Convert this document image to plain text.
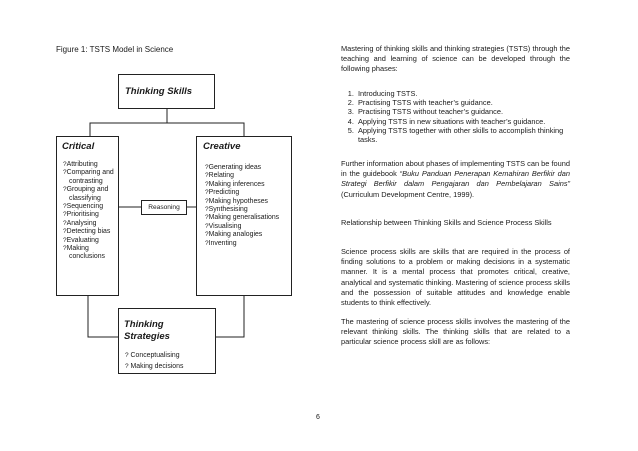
Figure 1: TSTS Model in Science
Thinking Skills
Critical
?Attributing
?Comparing and contrasting
?Grouping and classifying
?Sequencing
?Prioritising
?Analysing
?Detecting bias
?Evaluating
?Making conclusions
Reasoning
Creative
?Generating ideas
?Relating
?Making inferences
?Predicting
?Making hypotheses
?Synthesising
?Making generalisations
?Visualising
?Making analogies
?Inventing
Thinking
Strategies
? Conceptualising
? Making decisions

Mastering of thinking skills and thinking strategies (TSTS) through the teaching and learning of science can be developed through the following phases:

1. Introducing TSTS.
2. Practising TSTS with teacher’s guidance.
3. Practising TSTS without teacher’s guidance.
4. Applying TSTS in new situations with teacher’s guidance.
5. Applying TSTS together with other skills to accomplish thinking tasks.

Further information about phases of implementing TSTS can be found in the guidebook “Buku Panduan Penerapan Kemahiran Berfikir dan Strategi Berfikir dalam Pengajaran dan Pembelajaran Sains” (Curriculum Development Centre, 1999).

Relationship between Thinking Skills and Science Process Skills

Science process skills are skills that are required in the process of finding solutions to a problem or making decisions in a systematic manner. It is a mental process that promotes critical, creative, analytical and systematic thinking. Mastering of science process skills and the possession of suitable attitudes and knowledge enable students to think effectively.

The mastering of science process skills involves the mastering of the relevant thinking skills. The thinking skills that are related to a particular science process skill are as follows:

6
